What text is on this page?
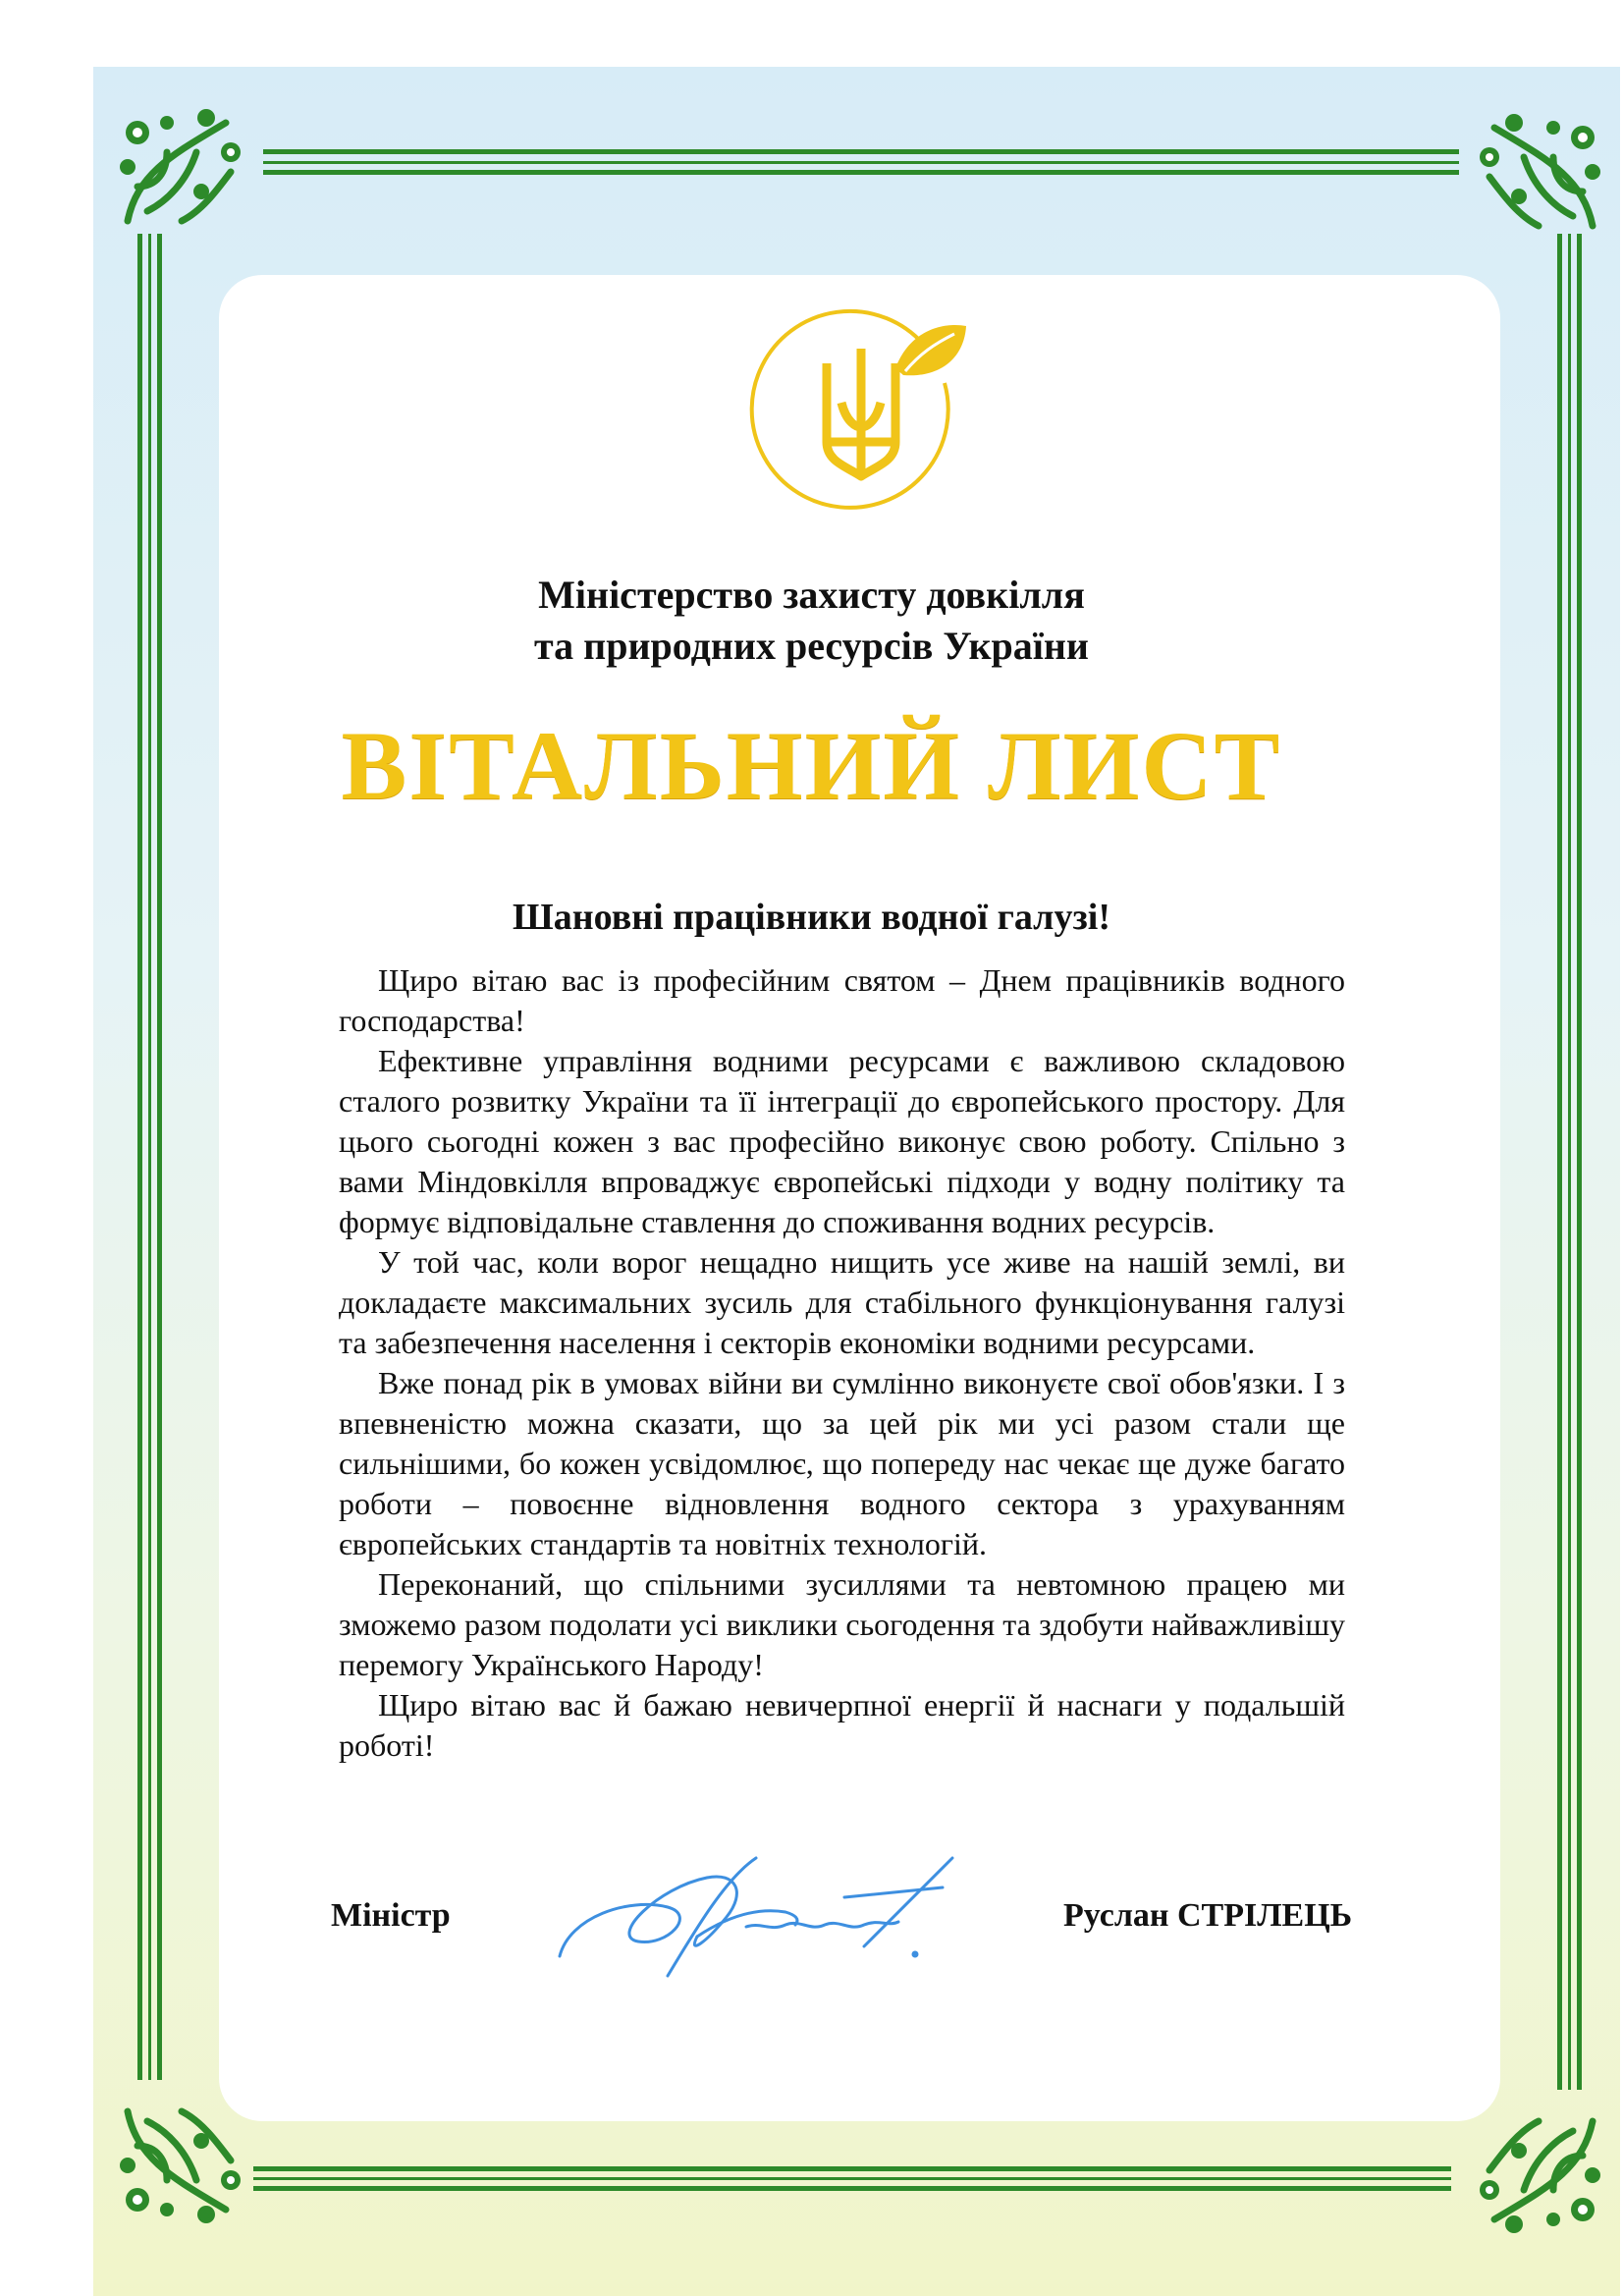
Міністерство захисту довкілля
та природних ресурсів України
ВІТАЛЬНИЙ ЛИСТ
Шановні працівники водної галузі!

Щиро вітаю вас із професійним святом – Днем працівників водного господарства!

Ефективне управління водними ресурсами є важливою складовою сталого розвитку України та її інтеграції до європейського простору. Для цього сьогодні кожен з вас професійно виконує свою роботу. Спільно з вами Міндовкілля впроваджує європейські підходи у водну політику та формує відповідальне ставлення до споживання водних ресурсів.

У той час, коли ворог нещадно нищить усе живе на нашій землі, ви докладаєте максимальних зусиль для стабільного функціонування галузі та забезпечення населення і секторів економіки водними ресурсами.

Вже понад рік в умовах війни ви сумлінно виконуєте свої обов'язки. І з впевненістю можна сказати, що за цей рік ми усі разом стали ще сильнішими, бо кожен усвідомлює, що попереду нас чекає ще дуже багато роботи – повоєнне відновлення водного сектора з урахуванням європейських стандартів та новітніх технологій.

Переконаний, що спільними зусиллями та невтомною працею ми зможемо разом подолати усі виклики сьогодення та здобути найважливішу перемогу Українського Народу!

Щиро вітаю вас й бажаю невичерпної енергії й наснаги у подальшій роботі!

Міністр	Руслан СТРІЛЕЦЬ
